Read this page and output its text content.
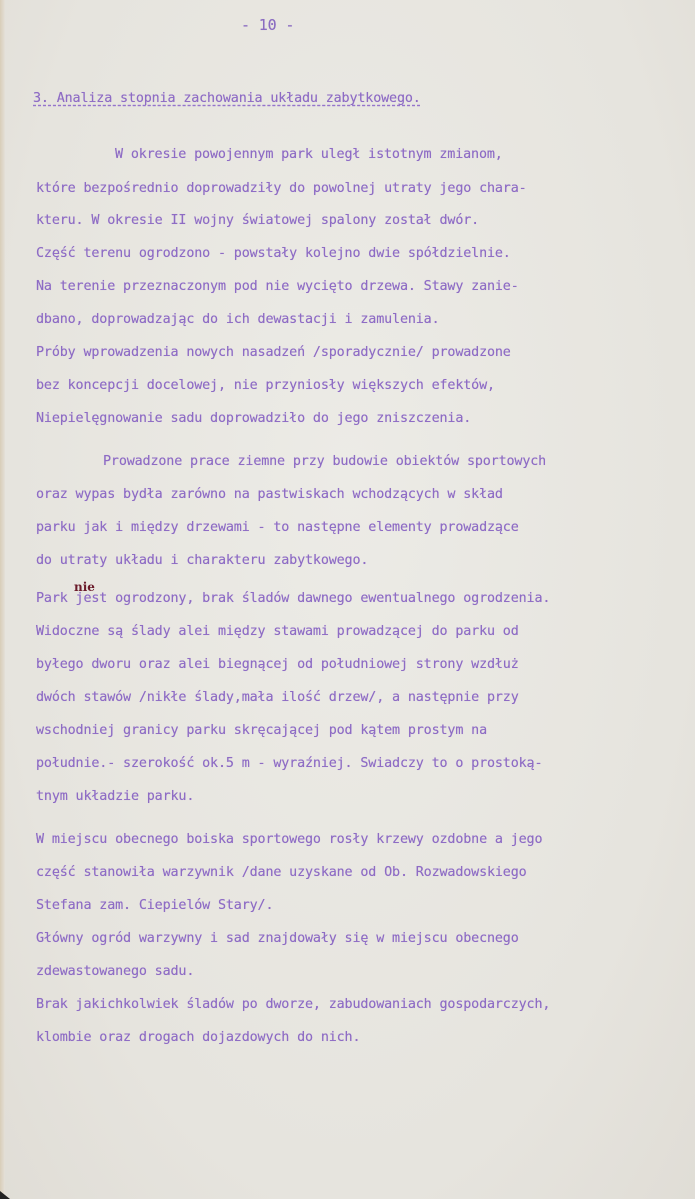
- 10 -
3. Analiza stopnia zachowania układu zabytkowego.
W okresie powojennym park uległ istotnym zmianom,
które bezpośrednio doprowadziły do powolnej utraty jego chara-
kteru. W okresie II wojny światowej spalony został dwór.
Część terenu ogrodzono - powstały kolejno dwie spółdzielnie.
Na terenie przeznaczonym pod nie wycięto drzewa. Stawy zanie-
dbano, doprowadzając do ich dewastacji i zamulenia.
Próby wprowadzenia nowych nasadzeń /sporadycznie/ prowadzone
bez koncepcji docelowej, nie przyniosły większych efektów,
Niepielęgnowanie sadu doprowadziło do jego zniszczenia.
Prowadzone prace ziemne przy budowie obiektów sportowych
oraz wypas bydła zarówno na pastwiskach wchodzących w skład
parku jak i między drzewami - to następne elementy prowadzące
do utraty układu i charakteru zabytkowego.
nie
Park jest ogrodzony, brak śladów dawnego ewentualnego ogrodzenia.
Widoczne są ślady alei między stawami prowadzącej do parku od
byłego dworu oraz alei biegnącej od południowej strony wzdłuż
dwóch stawów /nikłe ślady,mała ilość drzew/, a następnie przy
wschodniej granicy parku skręcającej pod kątem prostym na
południe.- szerokość ok.5 m - wyraźniej. Swiadczy to o prostoką-
tnym układzie parku.
W miejscu obecnego boiska sportowego rosły krzewy ozdobne a jego
część stanowiła warzywnik /dane uzyskane od Ob. Rozwadowskiego
Stefana zam. Ciepielów Stary/.
Główny ogród warzywny i sad znajdowały się w miejscu obecnego
zdewastowanego sadu.
Brak jakichkolwiek śladów po dworze, zabudowaniach gospodarczych,
klombie oraz drogach dojazdowych do nich.
